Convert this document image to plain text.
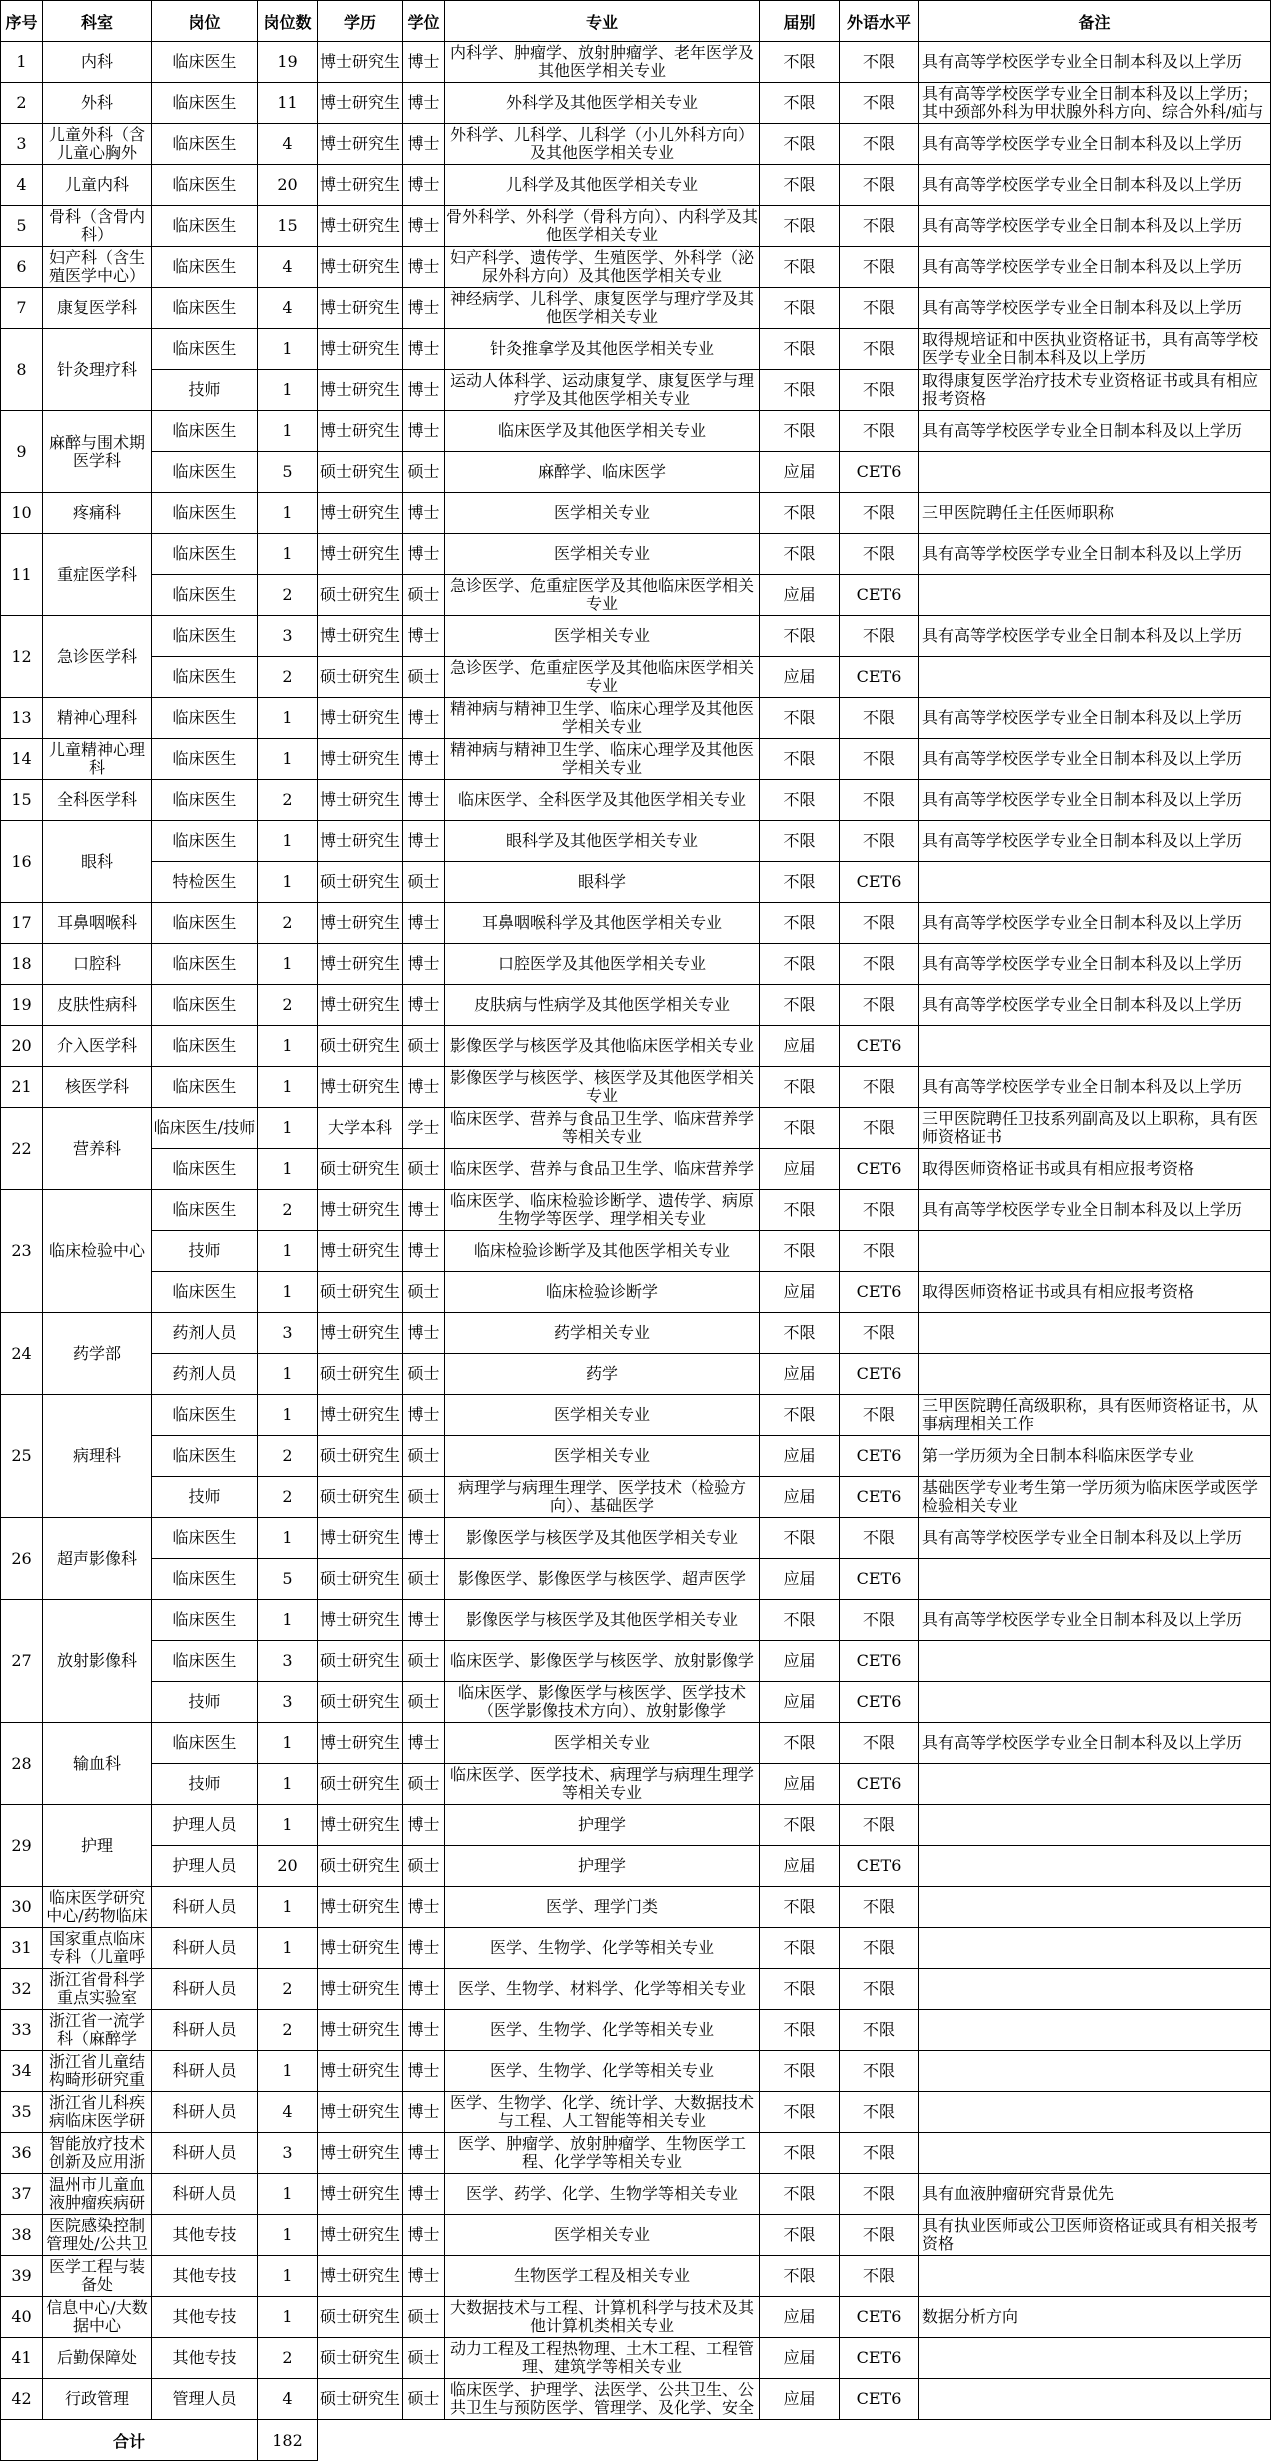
序号	科室	岗位	岗位数	学历	学位	专业	届别	外语水平	备注

1	内科	临床医生	19	博士研究生	博士	内科学、肿瘤学、放射肿瘤学、老年医学及其他医学相关专业	不限	不限	具有高等学校医学专业全日制本科及以上学历

2	外科	临床医生	11	博士研究生	博士	外科学及其他医学相关专业	不限	不限	具有高等学校医学专业全日制本科及以上学历；其中颈部外科为甲状腺外科方向、综合外科/疝与

3	儿童外科（含儿童心胸外	临床医生	4	博士研究生	博士	外科学、儿科学、儿科学（小儿外科方向）及其他医学相关专业	不限	不限	具有高等学校医学专业全日制本科及以上学历

4	儿童内科	临床医生	20	博士研究生	博士	儿科学及其他医学相关专业	不限	不限	具有高等学校医学专业全日制本科及以上学历

5	骨科（含骨内科）	临床医生	15	博士研究生	博士	骨外科学、外科学（骨科方向）、内科学及其他医学相关专业	不限	不限	具有高等学校医学专业全日制本科及以上学历

6	妇产科（含生殖医学中心）	临床医生	4	博士研究生	博士	妇产科学、遗传学、生殖医学、外科学（泌尿外科方向）及其他医学相关专业	不限	不限	具有高等学校医学专业全日制本科及以上学历

7	康复医学科	临床医生	4	博士研究生	博士	神经病学、儿科学、康复医学与理疗学及其他医学相关专业	不限	不限	具有高等学校医学专业全日制本科及以上学历

8	针灸理疗科	临床医生	1	博士研究生	博士	针灸推拿学及其他医学相关专业	不限	不限	取得规培证和中医执业资格证书，具有高等学校医学专业全日制本科及以上学历

		技师	1	博士研究生	博士	运动人体科学、运动康复学、康复医学与理疗学及其他医学相关专业	不限	不限	取得康复医学治疗技术专业资格证书或具有相应报考资格

9	麻醉与围术期医学科	临床医生	1	博士研究生	博士	临床医学及其他医学相关专业	不限	不限	具有高等学校医学专业全日制本科及以上学历

		临床医生	5	硕士研究生	硕士	麻醉学、临床医学	应届	CET6	

10	疼痛科	临床医生	1	博士研究生	博士	医学相关专业	不限	不限	三甲医院聘任主任医师职称

11	重症医学科	临床医生	1	博士研究生	博士	医学相关专业	不限	不限	具有高等学校医学专业全日制本科及以上学历

		临床医生	2	硕士研究生	硕士	急诊医学、危重症医学及其他临床医学相关专业	应届	CET6	

12	急诊医学科	临床医生	3	博士研究生	博士	医学相关专业	不限	不限	具有高等学校医学专业全日制本科及以上学历

		临床医生	2	硕士研究生	硕士	急诊医学、危重症医学及其他临床医学相关专业	应届	CET6	

13	精神心理科	临床医生	1	博士研究生	博士	精神病与精神卫生学、临床心理学及其他医学相关专业	不限	不限	具有高等学校医学专业全日制本科及以上学历

14	儿童精神心理科	临床医生	1	博士研究生	博士	精神病与精神卫生学、临床心理学及其他医学相关专业	不限	不限	具有高等学校医学专业全日制本科及以上学历

15	全科医学科	临床医生	2	博士研究生	博士	临床医学、全科医学及其他医学相关专业	不限	不限	具有高等学校医学专业全日制本科及以上学历

16	眼科	临床医生	1	博士研究生	博士	眼科学及其他医学相关专业	不限	不限	具有高等学校医学专业全日制本科及以上学历

		特检医生	1	硕士研究生	硕士	眼科学	不限	CET6	

17	耳鼻咽喉科	临床医生	2	博士研究生	博士	耳鼻咽喉科学及其他医学相关专业	不限	不限	具有高等学校医学专业全日制本科及以上学历

18	口腔科	临床医生	1	博士研究生	博士	口腔医学及其他医学相关专业	不限	不限	具有高等学校医学专业全日制本科及以上学历

19	皮肤性病科	临床医生	2	博士研究生	博士	皮肤病与性病学及其他医学相关专业	不限	不限	具有高等学校医学专业全日制本科及以上学历

20	介入医学科	临床医生	1	硕士研究生	硕士	影像医学与核医学及其他临床医学相关专业	应届	CET6	

21	核医学科	临床医生	1	博士研究生	博士	影像医学与核医学、核医学及其他医学相关专业	不限	不限	具有高等学校医学专业全日制本科及以上学历

22	营养科	临床医生/技师	1	大学本科	学士	临床医学、营养与食品卫生学、临床营养学等相关专业	不限	不限	三甲医院聘任卫技系列副高及以上职称，具有医师资格证书

		临床医生	1	硕士研究生	硕士	临床医学、营养与食品卫生学、临床营养学	应届	CET6	取得医师资格证书或具有相应报考资格

23	临床检验中心	临床医生	2	博士研究生	博士	临床医学、临床检验诊断学、遗传学、病原生物学等医学、理学相关专业	不限	不限	具有高等学校医学专业全日制本科及以上学历

		技师	1	博士研究生	博士	临床检验诊断学及其他医学相关专业	不限	不限	

		临床医生	1	硕士研究生	硕士	临床检验诊断学	应届	CET6	取得医师资格证书或具有相应报考资格

24	药学部	药剂人员	3	博士研究生	博士	药学相关专业	不限	不限	

		药剂人员	1	硕士研究生	硕士	药学	应届	CET6	

25	病理科	临床医生	1	博士研究生	博士	医学相关专业	不限	不限	三甲医院聘任高级职称，具有医师资格证书，从事病理相关工作

		临床医生	2	硕士研究生	硕士	医学相关专业	应届	CET6	第一学历须为全日制本科临床医学专业

		技师	2	硕士研究生	硕士	病理学与病理生理学、医学技术（检验方向）、基础医学	应届	CET6	基础医学专业考生第一学历须为临床医学或医学检验相关专业

26	超声影像科	临床医生	1	博士研究生	博士	影像医学与核医学及其他医学相关专业	不限	不限	具有高等学校医学专业全日制本科及以上学历

		临床医生	5	硕士研究生	硕士	影像医学、影像医学与核医学、超声医学	应届	CET6	

27	放射影像科	临床医生	1	博士研究生	博士	影像医学与核医学及其他医学相关专业	不限	不限	具有高等学校医学专业全日制本科及以上学历

		临床医生	3	硕士研究生	硕士	临床医学、影像医学与核医学、放射影像学	应届	CET6	

		技师	3	硕士研究生	硕士	临床医学、影像医学与核医学、医学技术（医学影像技术方向）、放射影像学	应届	CET6	

28	输血科	临床医生	1	博士研究生	博士	医学相关专业	不限	不限	具有高等学校医学专业全日制本科及以上学历

		技师	1	硕士研究生	硕士	临床医学、医学技术、病理学与病理生理学等相关专业	应届	CET6	

29	护理	护理人员	1	博士研究生	博士	护理学	不限	不限	

		护理人员	20	硕士研究生	硕士	护理学	应届	CET6	

30	临床医学研究中心/药物临床	科研人员	1	博士研究生	博士	医学、理学门类	不限	不限	

31	国家重点临床专科（儿童呼	科研人员	1	博士研究生	博士	医学、生物学、化学等相关专业	不限	不限	

32	浙江省骨科学重点实验室	科研人员	2	博士研究生	博士	医学、生物学、材料学、化学等相关专业	不限	不限	

33	浙江省一流学科（麻醉学	科研人员	2	博士研究生	博士	医学、生物学、化学等相关专业	不限	不限	

34	浙江省儿童结构畸形研究重	科研人员	1	博士研究生	博士	医学、生物学、化学等相关专业	不限	不限	

35	浙江省儿科疾病临床医学研	科研人员	4	博士研究生	博士	医学、生物学、化学、统计学、大数据技术与工程、人工智能等相关专业	不限	不限	

36	智能放疗技术创新及应用浙	科研人员	3	博士研究生	博士	医学、肿瘤学、放射肿瘤学、生物医学工程、化学学等相关专业	不限	不限	

37	温州市儿童血液肿瘤疾病研	科研人员	1	博士研究生	博士	医学、药学、化学、生物学等相关专业	不限	不限	具有血液肿瘤研究背景优先

38	医院感染控制管理处/公共卫	其他专技	1	博士研究生	博士	医学相关专业	不限	不限	具有执业医师或公卫医师资格证或具有相关报考资格

39	医学工程与装备处	其他专技	1	博士研究生	博士	生物医学工程及相关专业	不限	不限	

40	信息中心/大数据中心	其他专技	1	硕士研究生	硕士	大数据技术与工程、计算机科学与技术及其他计算机类相关专业	应届	CET6	数据分析方向

41	后勤保障处	其他专技	2	硕士研究生	硕士	动力工程及工程热物理、土木工程、工程管理、建筑学等相关专业	应届	CET6	

42	行政管理	管理人员	4	硕士研究生	硕士	临床医学、护理学、法医学、公共卫生、公共卫生与预防医学、管理学、及化学、安全	应届	CET6	

合计			182						
